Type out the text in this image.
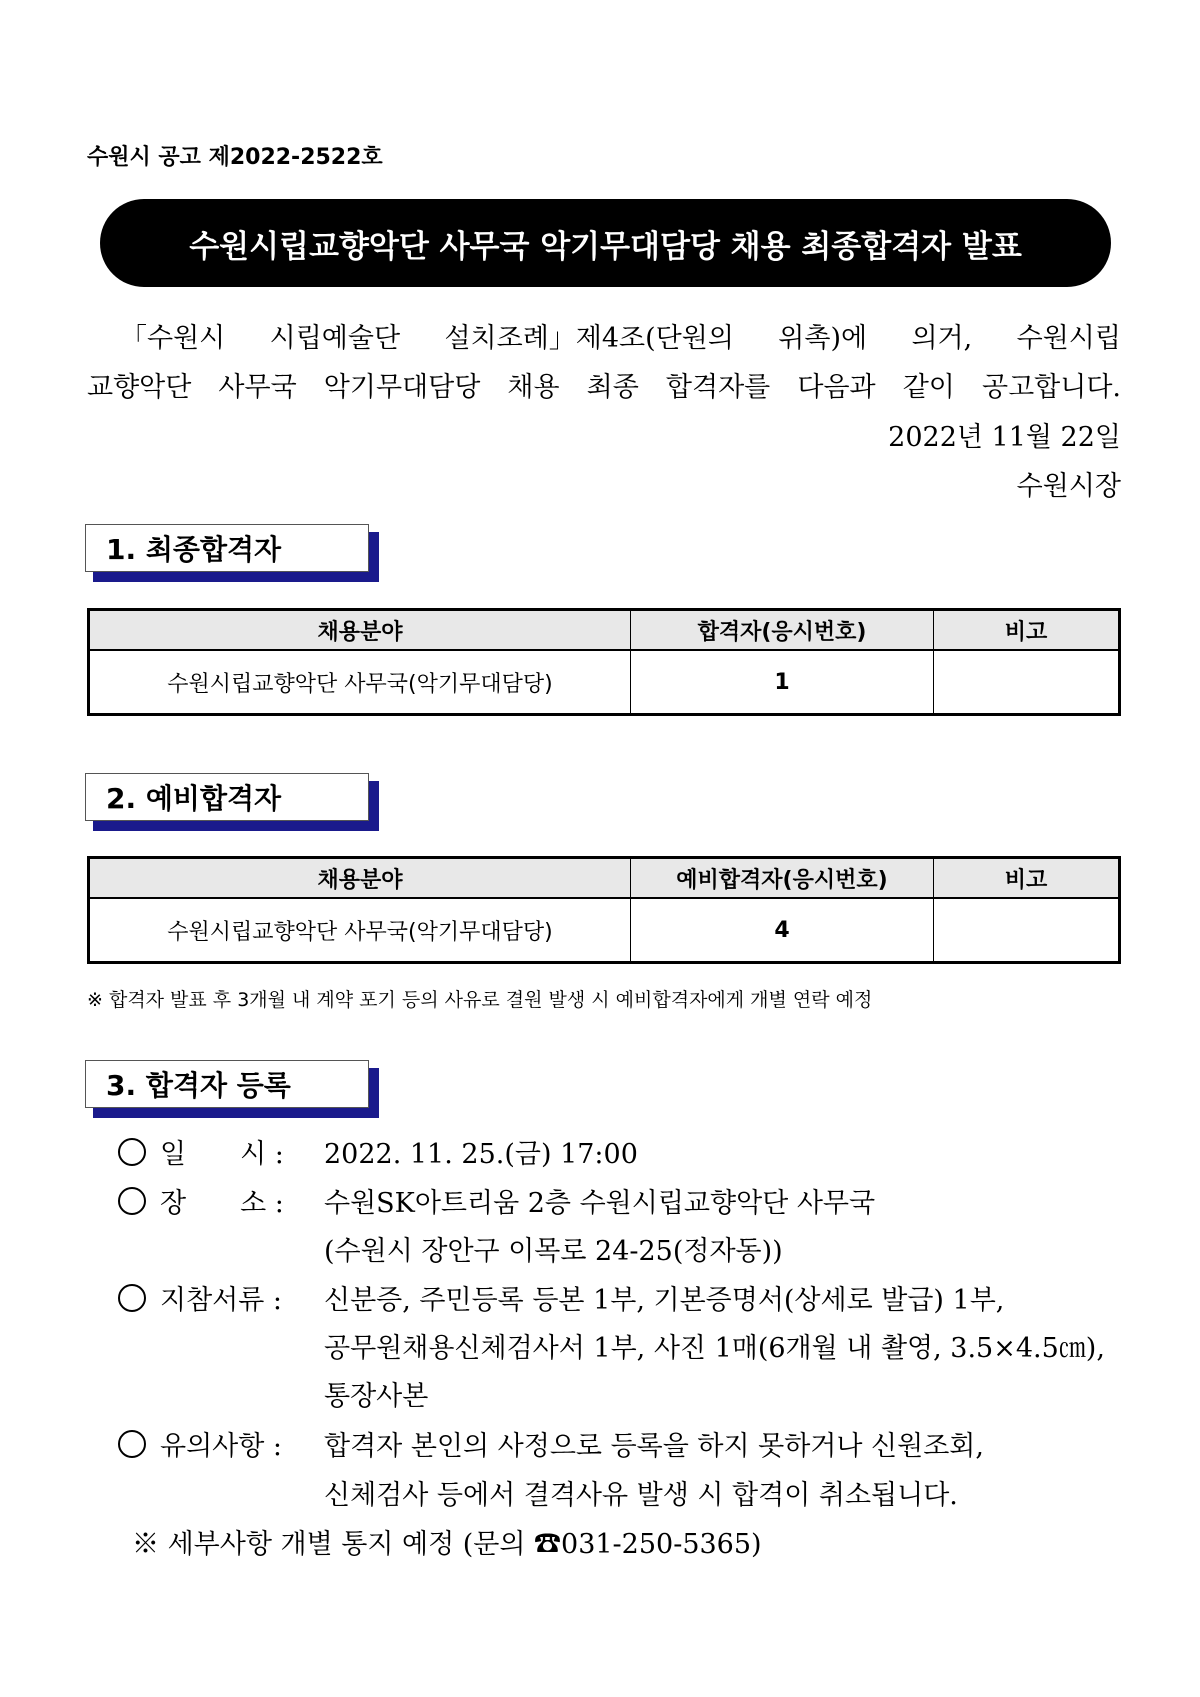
수원시 공고 제2022-2522호
수원시립교향악단 사무국 악기무대담당 채용 최종합격자 발표
「수원시 시립예술단 설치조례」제4조(단원의 위촉)에 의거, 수원시립
교향악단 사무국 악기무대담당 채용 최종 합격자를 다음과 같이 공고합니다.
2022년 11월 22일
수원시장
1. 최종합격자
채용분야	합격자(응시번호)	비고
수원시립교향악단 사무국(악기무대담당)	1	
2. 예비합격자
채용분야	예비합격자(응시번호)	비고
수원시립교향악단 사무국(악기무대담당)	4	
※ 합격자 발표 후 3개월 내 계약 포기 등의 사유로 결원 발생 시 예비합격자에게 개별 연락 예정
3. 합격자 등록
일　　시 : 2022. 11. 25.(금) 17:00
장　　소 : 수원SK아트리움 2층 수원시립교향악단 사무국
(수원시 장안구 이목로 24-25(정자동))
지참서류 : 신분증, 주민등록 등본 1부, 기본증명서(상세로 발급) 1부,
공무원채용신체검사서 1부, 사진 1매(6개월 내 촬영, 3.5×4.5㎝),
통장사본
유의사항 : 합격자 본인의 사정으로 등록을 하지 못하거나 신원조회,
신체검사 등에서 결격사유 발생 시 합격이 취소됩니다.
※ 세부사항 개별 통지 예정 (문의 ☎031-250-5365)
